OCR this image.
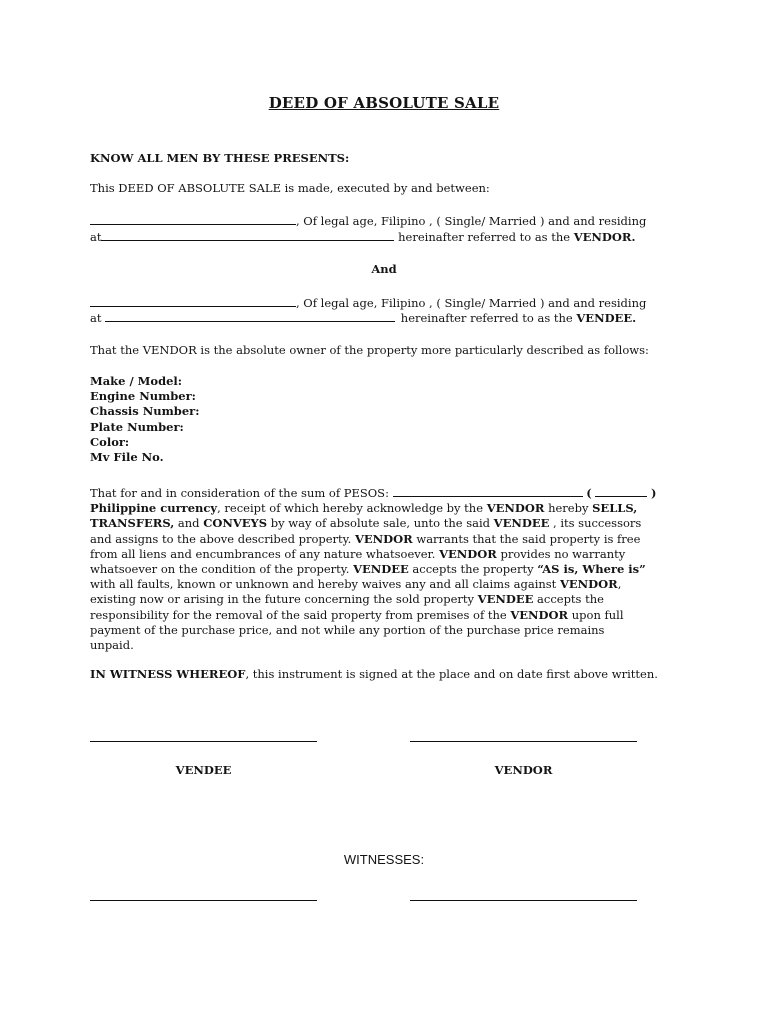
DEED OF ABSOLUTE SALE
KNOW ALL MEN BY THESE PRESENTS:
This DEED OF ABSOLUTE SALE is made, executed by and between:
, Of legal age, Filipino , ( Single/ Married ) and and residing
at	hereinafter referred to as the VENDOR.
And
, Of legal age, Filipino , ( Single/ Married ) and and residing
at	hereinafter referred to as the VENDEE.
That the VENDOR is the absolute owner of the property more particularly described as follows:
Make / Model:
Engine Number:
Chassis Number:
Plate Number:
Color:
Mv File No.
That for and in consideration of the sum of PESOS:	(	)
Philippine currency, receipt of which hereby acknowledge by the VENDOR hereby SELLS,
TRANSFERS, and CONVEYS by way of absolute sale, unto the said VENDEE , its successors
and assigns to the above described property. VENDOR warrants that the said property is free
from all liens and encumbrances of any nature whatsoever. VENDOR provides no warranty
whatsoever on the condition of the property. VENDEE accepts the property “AS is, Where is”
with all faults, known or unknown and hereby waives any and all claims against VENDOR,
existing now or arising in the future concerning the sold property VENDEE accepts the
responsibility for the removal of the said property from premises of the VENDOR upon full
payment of the purchase price, and not while any portion of the purchase price remains
unpaid.
IN WITNESS WHEREOF, this instrument is signed at the place and on date first above written.
VENDEE	VENDOR
WITNESSES:
